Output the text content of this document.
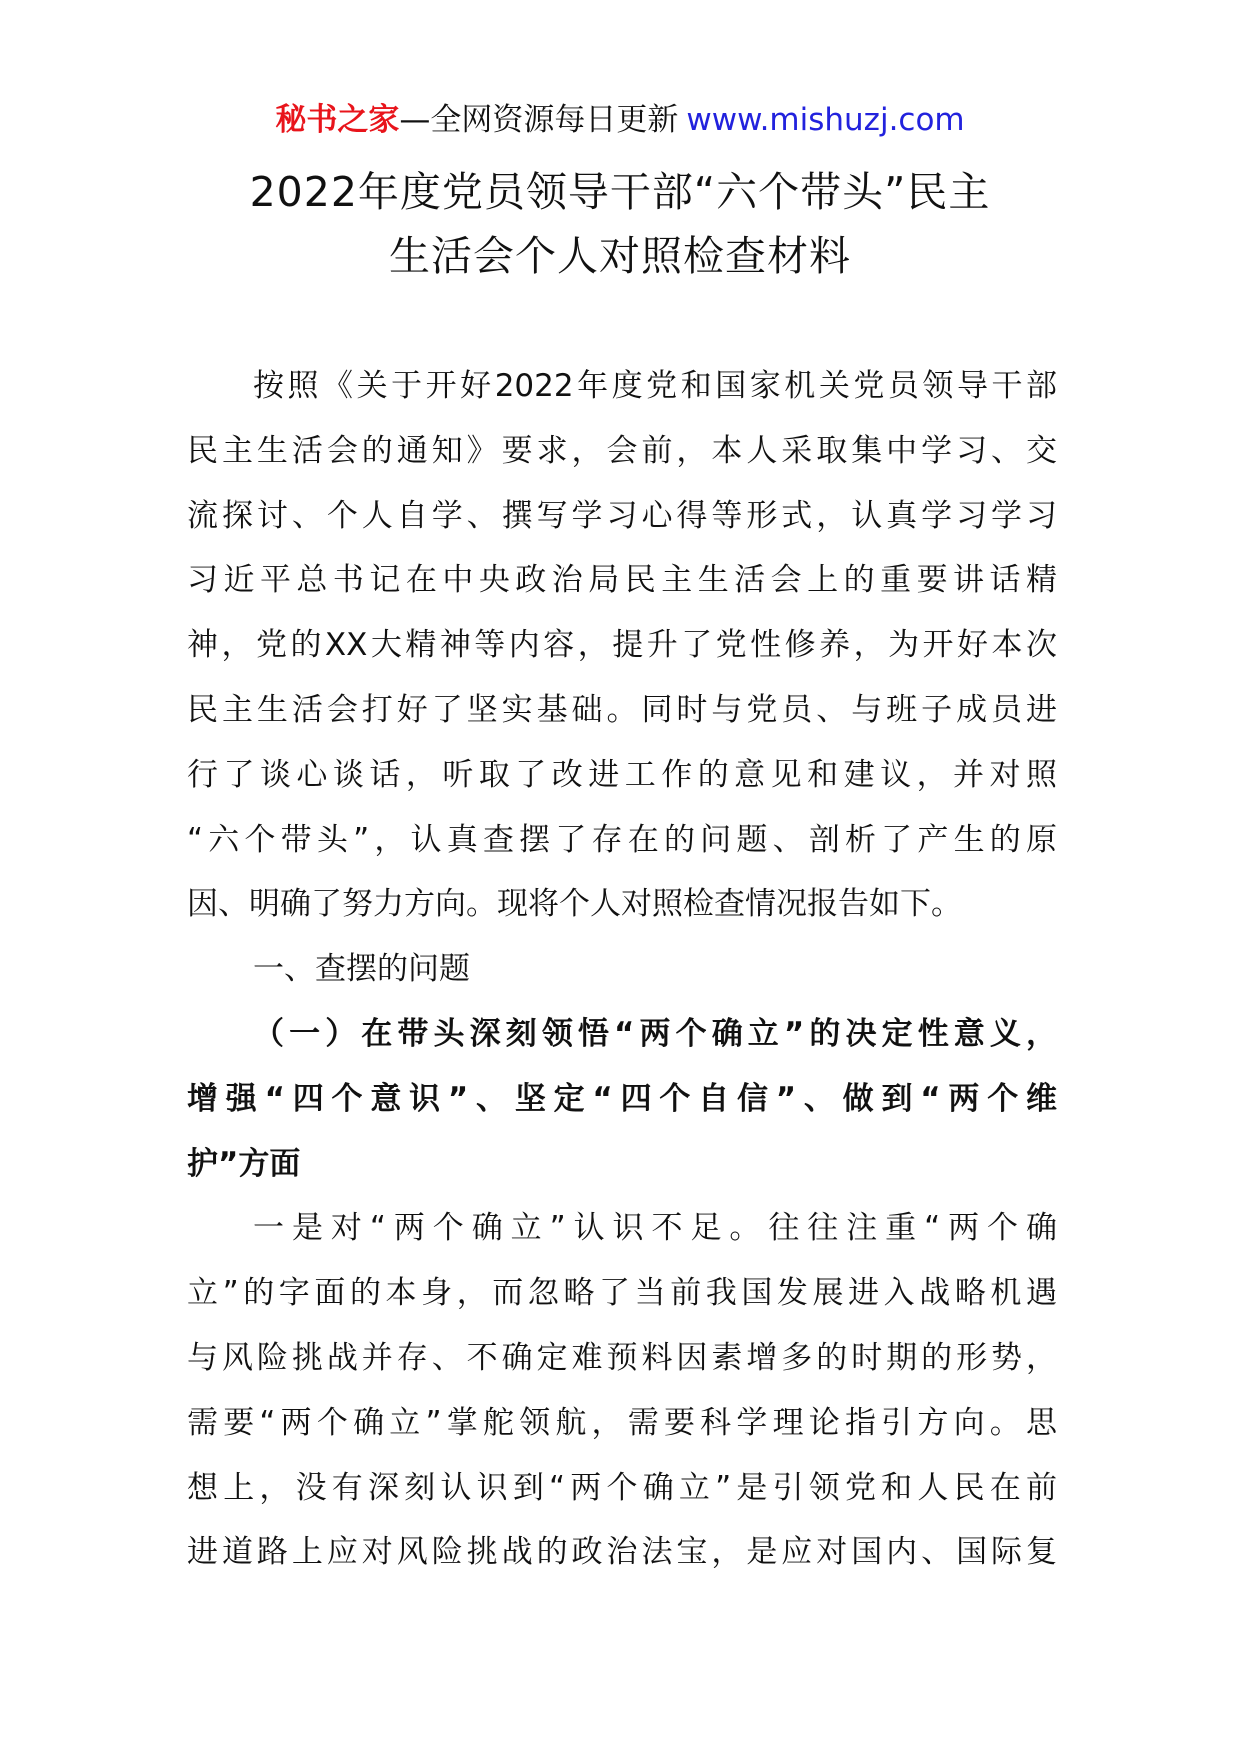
秘书之家—全网资源每日更新 www.mishuzj.com
2022年度党员领导干部“六个带头”民主
生活会个人对照检查材料
按照《关于开好2022年度党和国家机关党员领导干部
民主生活会的通知》要求，会前，本人采取集中学习、交
流探讨、个人自学、撰写学习心得等形式，认真学习学习
习近平总书记在中央政治局民主生活会上的重要讲话精
神，党的XX大精神等内容，提升了党性修养，为开好本次
民主生活会打好了坚实基础。同时与党员、与班子成员进
行了谈心谈话，听取了改进工作的意见和建议，并对照
“六个带头”，认真查摆了存在的问题、剖析了产生的原
因、明确了努力方向。现将个人对照检查情况报告如下。
一、查摆的问题
（一）在带头深刻领悟“两个确立”的决定性意义，
增强“四个意识”、坚定“四个自信”、做到“两个维
护”方面
一是对“两个确立”认识不足。往往注重“两个确
立”的字面的本身，而忽略了当前我国发展进入战略机遇
与风险挑战并存、不确定难预料因素增多的时期的形势，
需要“两个确立”掌舵领航，需要科学理论指引方向。思
想上，没有深刻认识到“两个确立”是引领党和人民在前
进道路上应对风险挑战的政治法宝，是应对国内、国际复
